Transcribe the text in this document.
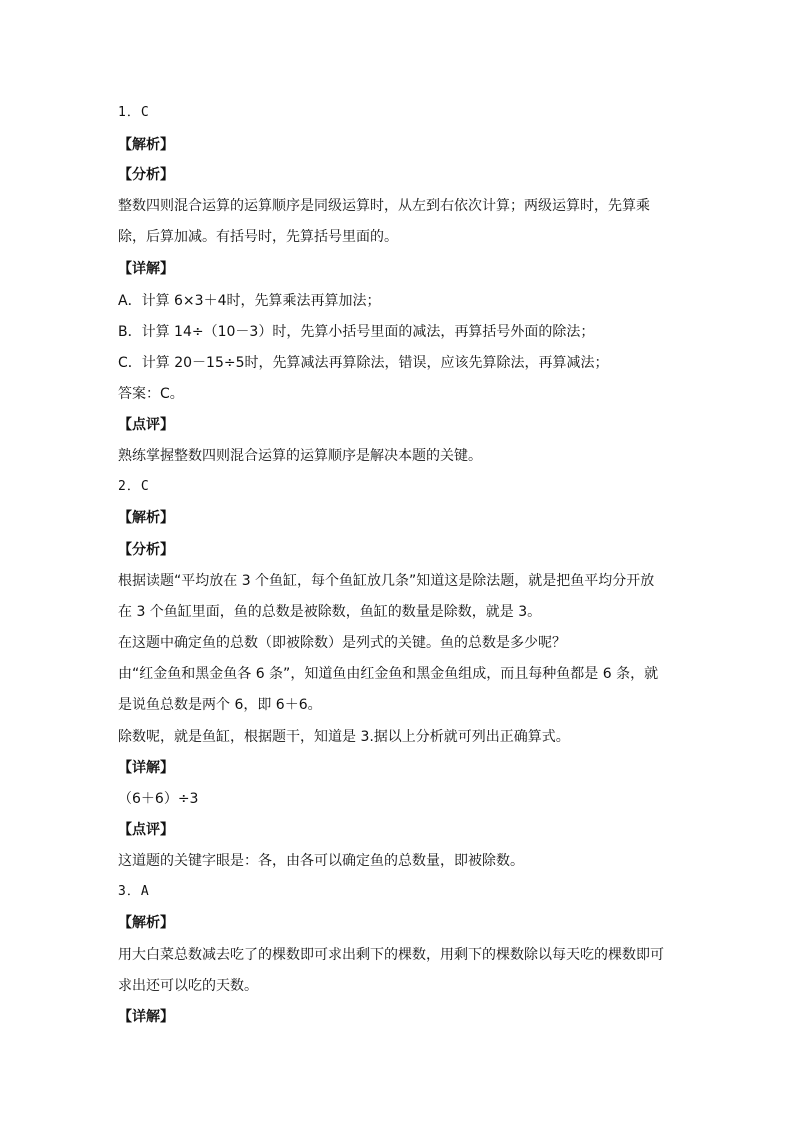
1．C
【解析】
【分析】
整数四则混合运算的运算顺序是同级运算时，从左到右依次计算；两级运算时，先算乘
除，后算加减。有括号时，先算括号里面的。
【详解】
A．计算 6×3＋4时，先算乘法再算加法；
B．计算 14÷（10－3）时，先算小括号里面的减法，再算括号外面的除法；
C．计算 20－15÷5时，先算减法再算除法，错误，应该先算除法，再算减法；
答案：C。
【点评】
熟练掌握整数四则混合运算的运算顺序是解决本题的关键。
2．C
【解析】
【分析】
根据读题“平均放在 3 个鱼缸，每个鱼缸放几条”知道这是除法题，就是把鱼平均分开放
在 3 个鱼缸里面，鱼的总数是被除数，鱼缸的数量是除数，就是 3。
在这题中确定鱼的总数（即被除数）是列式的关键。鱼的总数是多少呢？
由“红金鱼和黑金鱼各 6 条”，知道鱼由红金鱼和黑金鱼组成，而且每种鱼都是 6 条，就
是说鱼总数是两个 6，即 6＋6。
除数呢，就是鱼缸，根据题干，知道是 3.据以上分析就可列出正确算式。
【详解】
（6＋6）÷3
【点评】
这道题的关键字眼是：各，由各可以确定鱼的总数量，即被除数。
3．A
【解析】
用大白菜总数减去吃了的棵数即可求出剩下的棵数，用剩下的棵数除以每天吃的棵数即可
求出还可以吃的天数。
【详解】
